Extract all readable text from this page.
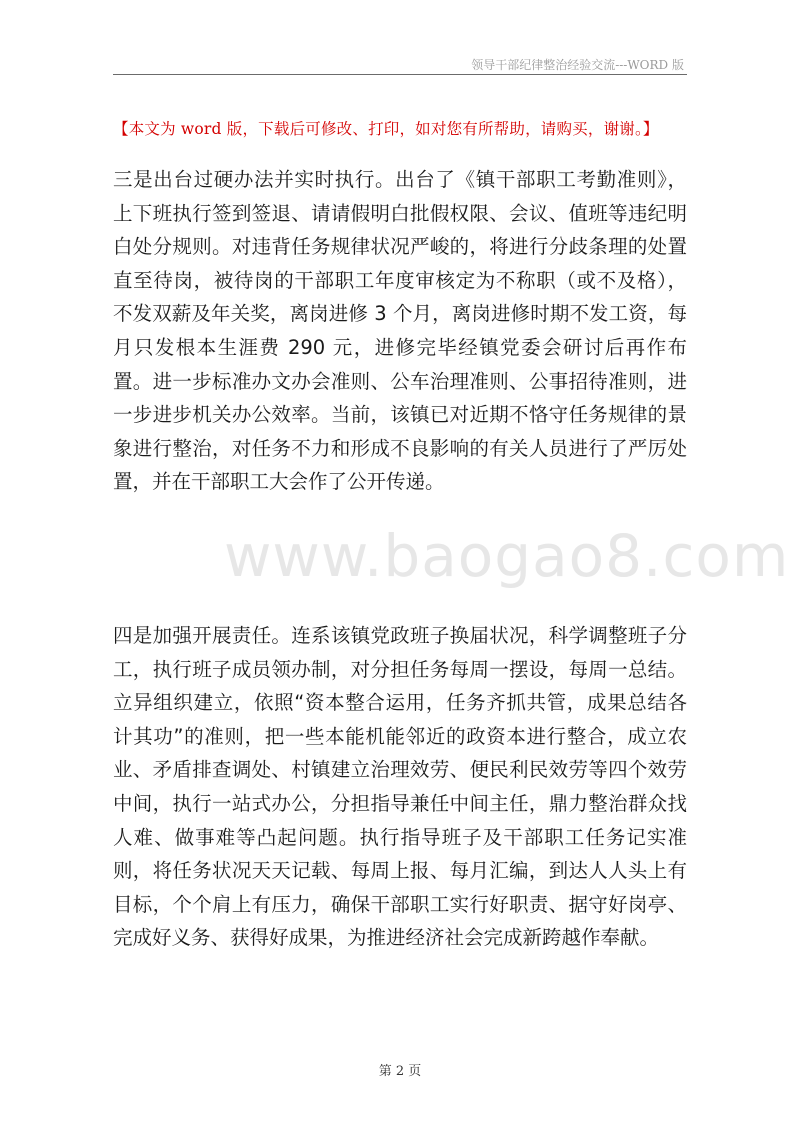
领导干部纪律整治经验交流---WORD 版
【本文为 word 版，下载后可修改、打印，如对您有所帮助，请购买，谢谢。】
www.baogao8.com

三是出台过硬办法并实时执行。出台了《镇干部职工考勤准则》，上下班执行签到签退、请请假明白批假权限、会议、值班等违纪明白处分规则。对违背任务规律状况严峻的，将进行分歧条理的处置直至待岗，被待岗的干部职工年度审核定为不称职（或不及格），不发双薪及年关奖，离岗进修 3 个月，离岗进修时期不发工资，每月只发根本生涯费 290 元，进修完毕经镇党委会研讨后再作布置。进一步标准办文办会准则、公车治理准则、公事招待准则，进一步进步机关办公效率。当前，该镇已对近期不恪守任务规律的景象进行整治，对任务不力和形成不良影响的有关人员进行了严厉处置，并在干部职工大会作了公开传递。

四是加强开展责任。连系该镇党政班子换届状况，科学调整班子分工，执行班子成员领办制，对分担任务每周一摆设，每周一总结。立异组织建立，依照“资本整合运用，任务齐抓共管，成果总结各计其功”的准则，把一些本能机能邻近的政资本进行整合，成立农业、矛盾排查调处、村镇建立治理效劳、便民利民效劳等四个效劳中间，执行一站式办公，分担指导兼任中间主任，鼎力整治群众找人难、做事难等凸起问题。执行指导班子及干部职工任务记实准则，将任务状况天天记载、每周上报、每月汇编，到达人人头上有目标，个个肩上有压力，确保干部职工实行好职责、据守好岗亭、完成好义务、获得好成果，为推进经济社会完成新跨越作奉献。

第 2 页
